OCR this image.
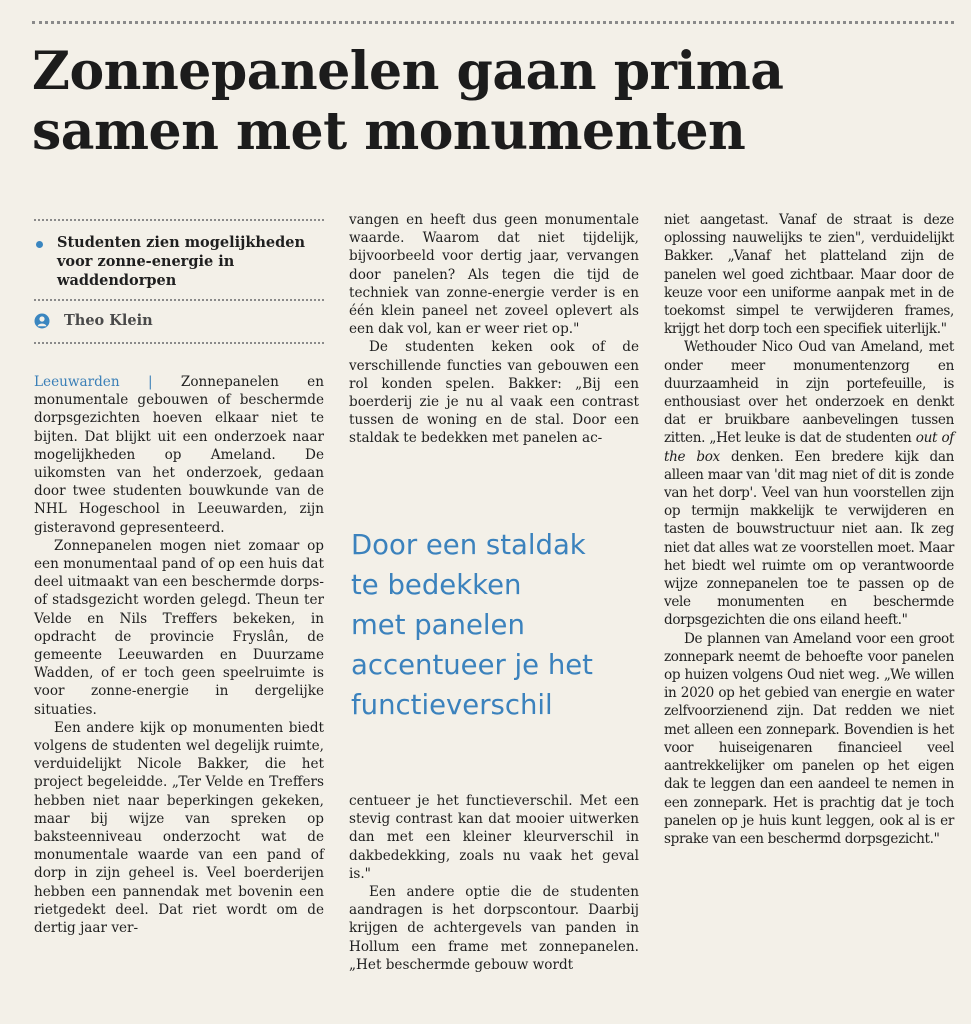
Zonnepanelen gaan prima
samen met monumenten
Studenten zien mogelijkheden
voor zonne-energie in
waddendorpen
Theo Klein

Leeuwarden | Zonnepanelen en monumentale gebouwen of beschermde dorpsgezichten hoeven elkaar niet te bijten. Dat blijkt uit een onderzoek naar mogelijkheden op Ameland. De uikomsten van het onderzoek, gedaan door twee studenten bouwkunde van de NHL Hogeschool in Leeuwarden, zijn gisteravond gepresenteerd.

Zonnepanelen mogen niet zomaar op een monumentaal pand of op een huis dat deel uitmaakt van een beschermde dorps- of stadsgezicht worden gelegd. Theun ter Velde en Nils Treffers bekeken, in opdracht de provincie Fryslân, de gemeente Leeuwarden en Duurzame Wadden, of er toch geen speelruimte is voor zonne-energie in dergelijke situaties.

Een andere kijk op monumenten biedt volgens de studenten wel degelijk ruimte, verduidelijkt Nicole Bakker, die het project begeleidde. „Ter Velde en Treffers hebben niet naar beperkingen gekeken, maar bij wijze van spreken op baksteenniveau onderzocht wat de monumentale waarde van een pand of dorp in zijn geheel is. Veel boerderijen hebben een pannendak met bovenin een rietgedekt deel. Dat riet wordt om de dertig jaar ver-

vangen en heeft dus geen monumentale waarde. Waarom dat niet tijdelijk, bijvoorbeeld voor dertig jaar, vervangen door panelen? Als tegen die tijd de techniek van zonne-energie verder is en één klein paneel net zoveel oplevert als een dak vol, kan er weer riet op."

De studenten keken ook of de verschillende functies van gebouwen een rol konden spelen. Bakker: „Bij een boerderij zie je nu al vaak een contrast tussen de woning en de stal. Door een staldak te bedekken met panelen ac-

Door een staldak
te bedekken
met panelen
accentueer je het
functieverschil

centueer je het functieverschil. Met een stevig contrast kan dat mooier uitwerken dan met een kleiner kleurverschil in dakbedekking, zoals nu vaak het geval is."

Een andere optie die de studenten aandragen is het dorpscontour. Daarbij krijgen de achtergevels van panden in Hollum een frame met zonnepanelen. „Het beschermde gebouw wordt

niet aangetast. Vanaf de straat is deze oplossing nauwelijks te zien", verduidelijkt Bakker. „Vanaf het platteland zijn de panelen wel goed zichtbaar. Maar door de keuze voor een uniforme aanpak met in de toekomst simpel te verwijderen frames, krijgt het dorp toch een specifiek uiterlijk."

Wethouder Nico Oud van Ameland, met onder meer monumentenzorg en duurzaamheid in zijn portefeuille, is enthousiast over het onderzoek en denkt dat er bruikbare aanbevelingen tussen zitten. „Het leuke is dat de studenten out of the box denken. Een bredere kijk dan alleen maar van 'dit mag niet of dit is zonde van het dorp'. Veel van hun voorstellen zijn op termijn makkelijk te verwijderen en tasten de bouwstructuur niet aan. Ik zeg niet dat alles wat ze voorstellen moet. Maar het biedt wel ruimte om op verantwoorde wijze zonnepanelen toe te passen op de vele monumenten en beschermde dorpsgezichten die ons eiland heeft."

De plannen van Ameland voor een groot zonnepark neemt de behoefte voor panelen op huizen volgens Oud niet weg. „We willen in 2020 op het gebied van energie en water zelfvoorzienend zijn. Dat redden we niet met alleen een zonnepark. Bovendien is het voor huiseigenaren financieel veel aantrekkelijker om panelen op het eigen dak te leggen dan een aandeel te nemen in een zonnepark. Het is prachtig dat je toch panelen op je huis kunt leggen, ook al is er sprake van een beschermd dorpsgezicht."
